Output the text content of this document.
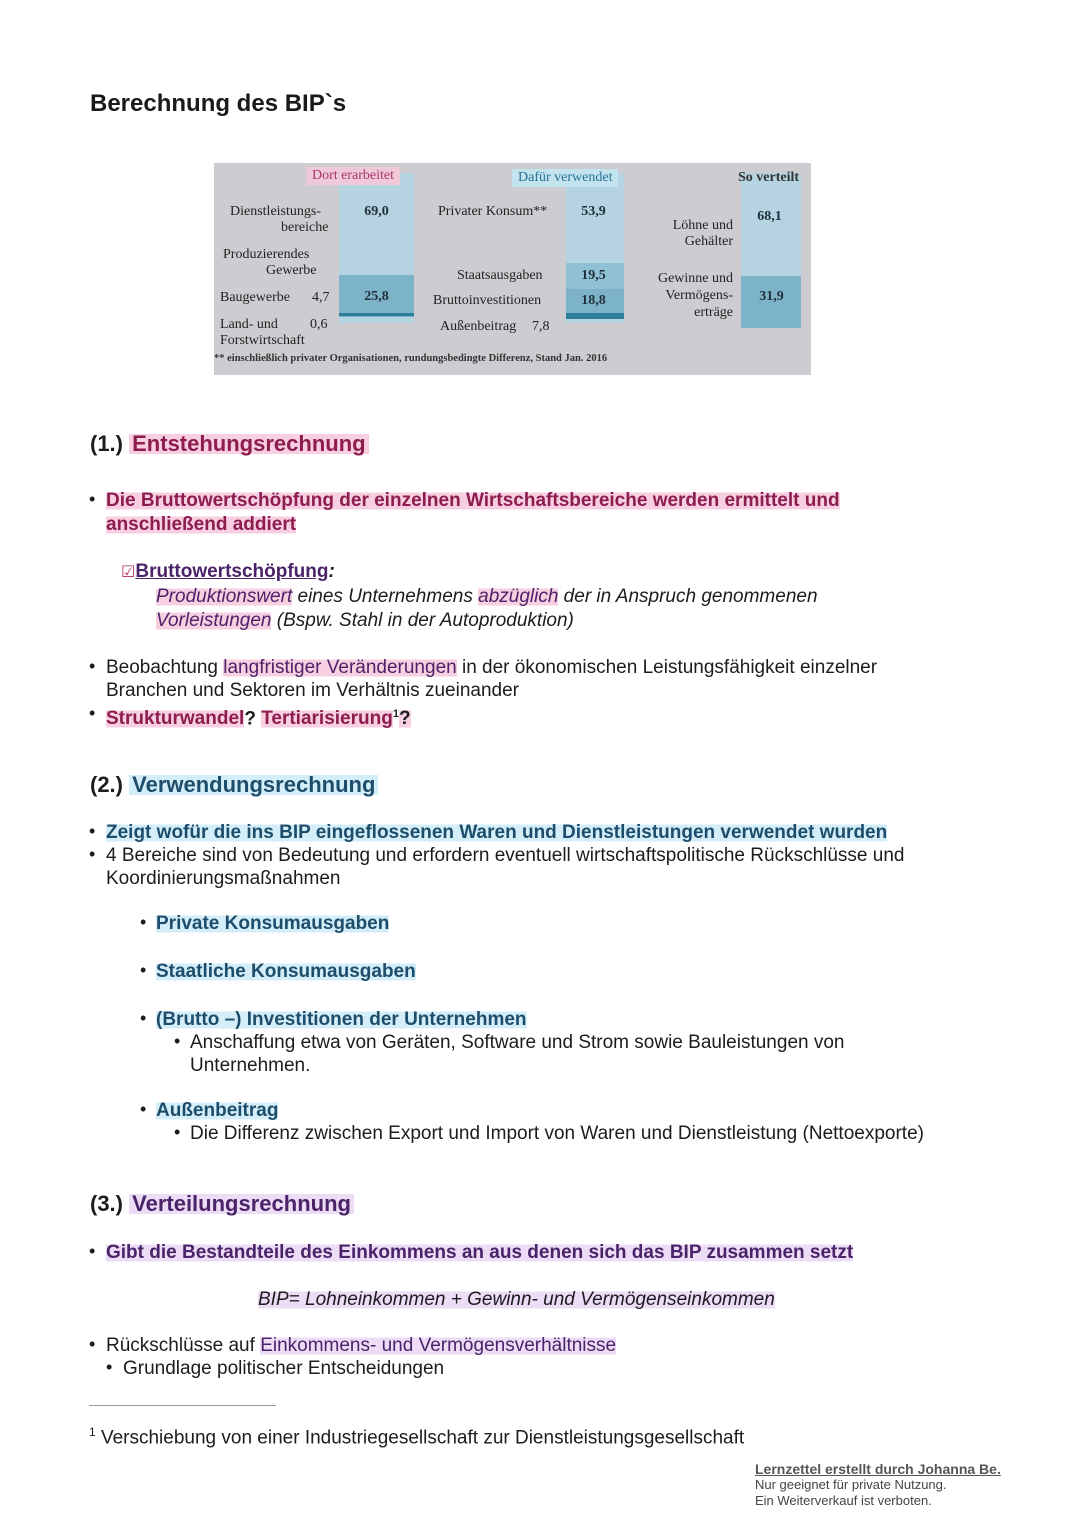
Berechnung des BIP`s
Dort erarbeitet	Dafür verwendet	So verteilt
Dienstleistungs-
bereiche
69,0
Produzierendes
Gewerbe
Baugewerbe 4,7	25,8
Land- und 0,6
Forstwirtschaft
Privater Konsum**	53,9
Staatsausgaben	19,5
Bruttoinvestitionen	18,8
Außenbeitrag 7,8
Löhne und
Gehälter
68,1
Gewinne und
Vermögens-
erträge
31,9
** einschließlich privater Organisationen, rundungsbedingte Differenz, Stand Jan. 2016
(1.) Entstehungsrechnung
• Die Bruttowertschöpfung der einzelnen Wirtschaftsbereiche werden ermittelt und
anschließend addiert
☑Bruttowertschöpfung:
Produktionswert eines Unternehmens abzüglich der in Anspruch genommenen
Vorleistungen (Bspw. Stahl in der Autoproduktion)
• Beobachtung langfristiger Veränderungen in der ökonomischen Leistungsfähigkeit einzelner
Branchen und Sektoren im Verhältnis zueinander
• Strukturwandel? Tertiarisierung$^1$?
(2.) Verwendungsrechnung
• Zeigt wofür die ins BIP eingeflossenen Waren und Dienstleistungen verwendet wurden
• 4 Bereiche sind von Bedeutung und erfordern eventuell wirtschaftspolitische Rückschlüsse und
Koordinierungsmaßnahmen
• Private Konsumausgaben
• Staatliche Konsumausgaben
• (Brutto –) Investitionen der Unternehmen
• Anschaffung etwa von Geräten, Software und Strom sowie Bauleistungen von
Unternehmen.
• Außenbeitrag
• Die Differenz zwischen Export und Import von Waren und Dienstleistung (Nettoexporte)
(3.) Verteilungsrechnung
• Gibt die Bestandteile des Einkommens an aus denen sich das BIP zusammen setzt
BIP= Lohneinkommen + Gewinn- und Vermögenseinkommen
• Rückschlüsse auf Einkommens- und Vermögensverhältnisse
• Grundlage politischer Entscheidungen
$^1$ Verschiebung von einer Industriegesellschaft zur Dienstleistungsgesellschaft
Lernzettel erstellt durch Johanna Be.
Nur geeignet für private Nutzung.
Ein Weiterverkauf ist verboten.
